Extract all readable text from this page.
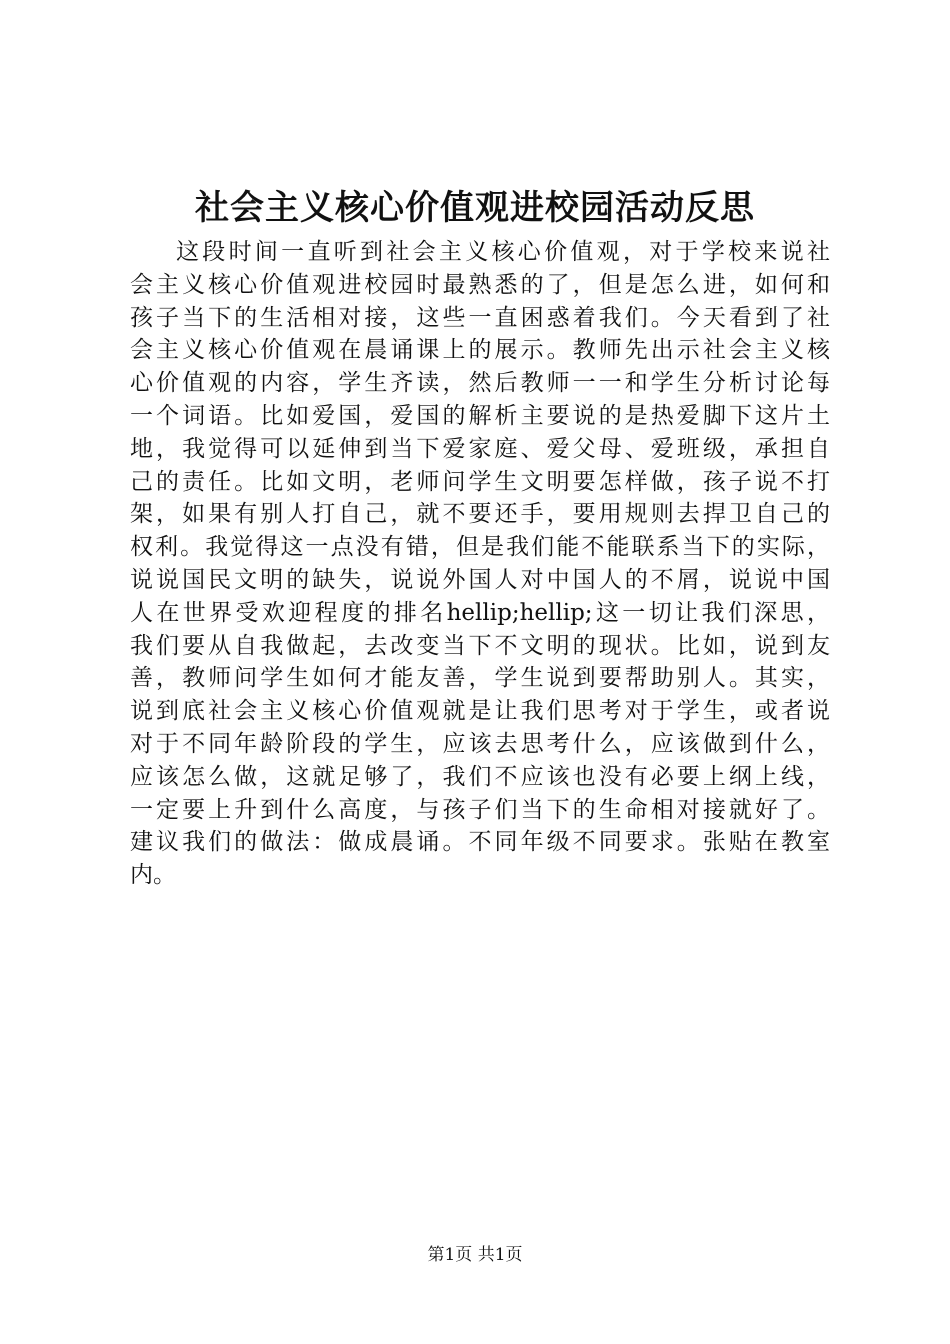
社会主义核心价值观进校园活动反思
这段时间一直听到社会主义核心价值观，对于学校来说社
会主义核心价值观进校园时最熟悉的了，但是怎么进，如何和
孩子当下的生活相对接，这些一直困惑着我们。今天看到了社
会主义核心价值观在晨诵课上的展示。教师先出示社会主义核
心价值观的内容，学生齐读，然后教师一一和学生分析讨论每
一个词语。比如爱国，爱国的解析主要说的是热爱脚下这片土
地，我觉得可以延伸到当下爱家庭、爱父母、爱班级，承担自
己的责任。比如文明，老师问学生文明要怎样做，孩子说不打
架，如果有别人打自己，就不要还手，要用规则去捍卫自己的
权利。我觉得这一点没有错，但是我们能不能联系当下的实际，
说说国民文明的缺失，说说外国人对中国人的不屑，说说中国
人在世界受欢迎程度的排名hellip;hellip;这一切让我们深思，
我们要从自我做起，去改变当下不文明的现状。比如，说到友
善，教师问学生如何才能友善，学生说到要帮助别人。其实，
说到底社会主义核心价值观就是让我们思考对于学生，或者说
对于不同年龄阶段的学生，应该去思考什么，应该做到什么，
应该怎么做，这就足够了，我们不应该也没有必要上纲上线，
一定要上升到什么高度，与孩子们当下的生命相对接就好了。
建议我们的做法：做成晨诵。不同年级不同要求。张贴在教室
内。
第1页 共1页
